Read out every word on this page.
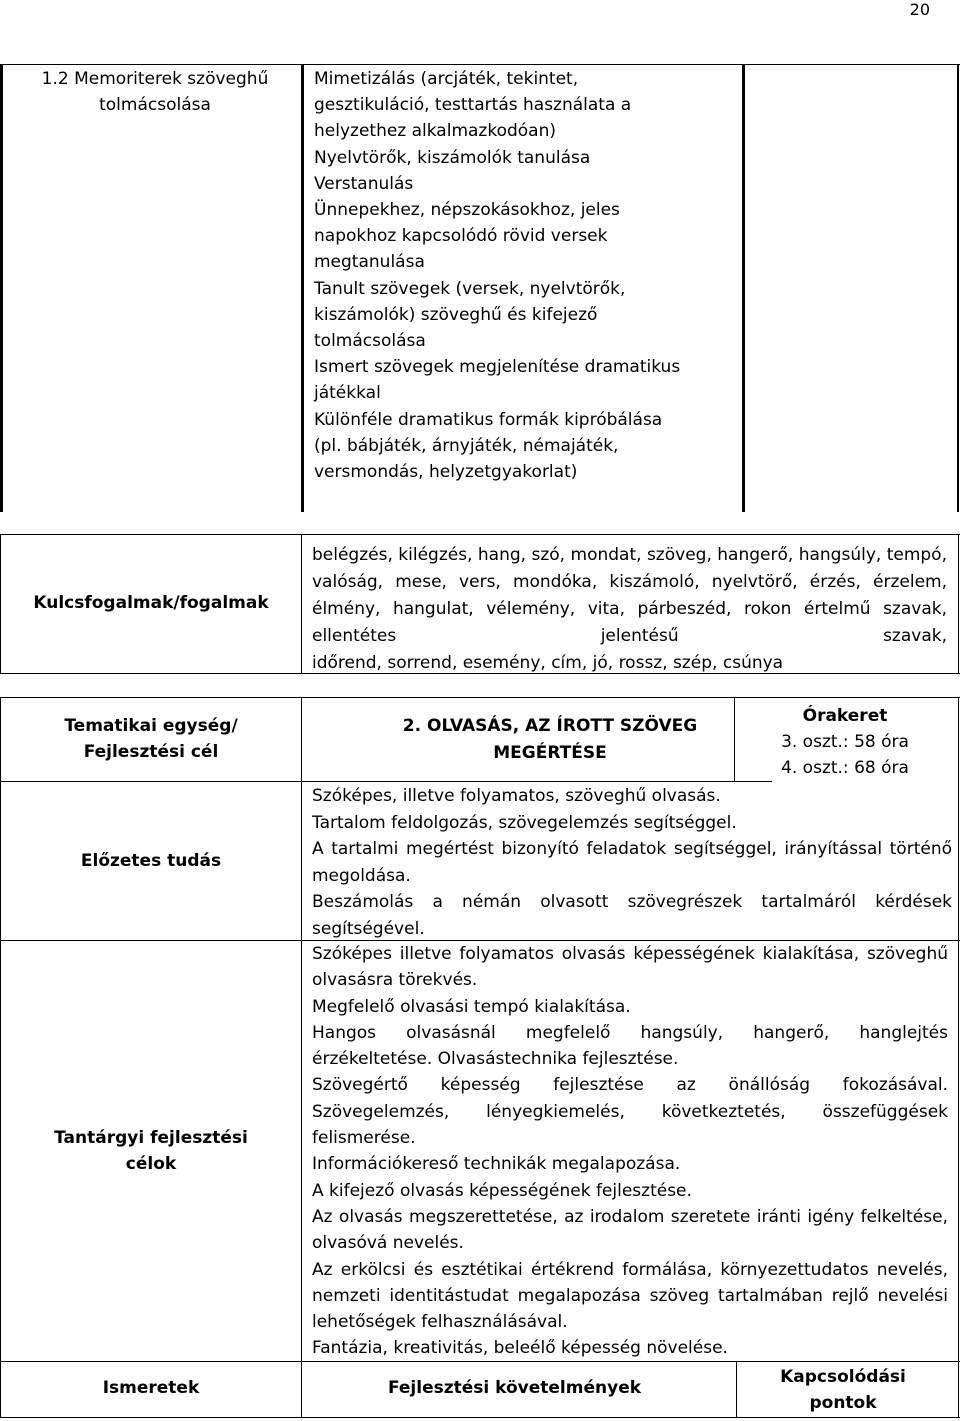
20
1.2 Memoriterek szöveghű
tolmácsolása
Mimetizálás (arcjáték, tekintet,
gesztikuláció, testtartás használata a
helyzethez alkalmazkodóan)
Nyelvtörők, kiszámolók tanulása
Verstanulás
Ünnepekhez, népszokásokhoz, jeles
napokhoz kapcsolódó rövid versek
megtanulása
Tanult szövegek (versek, nyelvtörők,
kiszámolók) szöveghű és kifejező
tolmácsolása
Ismert szövegek megjelenítése dramatikus
játékkal
Különféle dramatikus formák kipróbálása
(pl. bábjáték, árnyjáték, némajáték,
versmondás, helyzetgyakorlat)
Kulcsfogalmak/fogalmak
belégzés, kilégzés, hang, szó, mondat, szöveg, hangerő, hangsúly, tempó, valóság, mese, vers, mondóka, kiszámoló, nyelvtörő, érzés, érzelem, élmény, hangulat, vélemény, vita, párbeszéd, rokon értelmű szavak, ellentétes jelentésű szavak,
időrend, sorrend, esemény, cím, jó, rossz, szép, csúnya
Tematikai egység/
Fejlesztési cél
Előzetes tudás
Tantárgyi fejlesztési
célok
2. OLVASÁS, AZ ÍROTT SZÖVEG
MEGÉRTÉSE
Órakeret
3. oszt.: 58 óra
4. oszt.: 68 óra
Szóképes, illetve folyamatos, szöveghű olvasás.
Tartalom feldolgozás, szövegelemzés segítséggel.
A tartalmi megértést bizonyító feladatok segítséggel, irányítással történő megoldása.
Beszámolás a némán olvasott szövegrészek tartalmáról kérdések segítségével.
Szóképes illetve folyamatos olvasás képességének kialakítása, szöveghű olvasásra törekvés.
Megfelelő olvasási tempó kialakítása.
Hangos olvasásnál megfelelő hangsúly, hangerő, hanglejtés érzékeltetése. Olvasástechnika fejlesztése.
Szövegértő képesség fejlesztése az önállóság fokozásával.
Szövegelemzés, lényegkiemelés, következtetés, összefüggések felismerése.
Információkereső technikák megalapozása.
A kifejező olvasás képességének fejlesztése.
Az olvasás megszerettetése, az irodalom szeretete iránti igény felkeltése, olvasóvá nevelés.
Az erkölcsi és esztétikai értékrend formálása, környezettudatos nevelés, nemzeti identitástudat megalapozása szöveg tartalmában rejlő nevelési lehetőségek felhasználásával.
Fantázia, kreativitás, beleélő képesség növelése.
Ismeretek	Fejlesztési követelmények
Kapcsolódási
pontok
